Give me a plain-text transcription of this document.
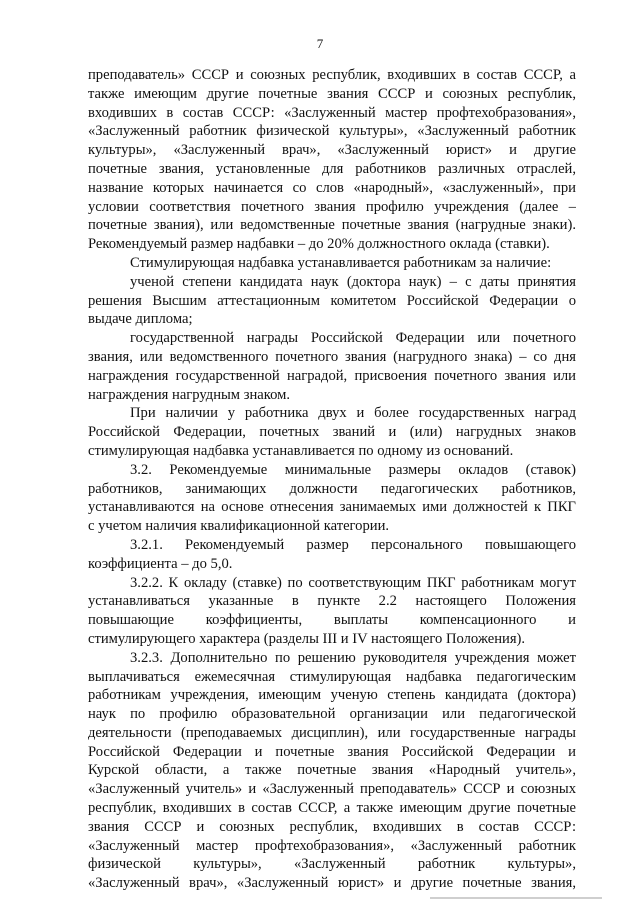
7
преподаватель» СССР и союзных республик, входивших в состав СССР, а
также имеющим другие почетные звания СССР и союзных республик,
входивших в состав СССР: «Заслуженный мастер профтехобразования»,
«Заслуженный работник физической культуры», «Заслуженный работник
культуры», «Заслуженный врач», «Заслуженный юрист» и другие
почетные звания, установленные для работников различных отраслей,
название которых начинается со слов «народный», «заслуженный», при
условии соответствия почетного звания профилю учреждения (далее –
почетные звания), или ведомственные почетные звания (нагрудные знаки).
Рекомендуемый размер надбавки – до 20% должностного оклада (ставки).
Стимулирующая надбавка устанавливается работникам за наличие:
ученой степени кандидата наук (доктора наук) – с даты принятия
решения Высшим аттестационным комитетом Российской Федерации о
выдаче диплома;
государственной награды Российской Федерации или почетного
звания, или ведомственного почетного звания (нагрудного знака) – со дня
награждения государственной наградой, присвоения почетного звания или
награждения нагрудным знаком.
При наличии у работника двух и более государственных наград
Российской Федерации, почетных званий и (или) нагрудных знаков
стимулирующая надбавка устанавливается по одному из оснований.
3.2. Рекомендуемые минимальные размеры окладов (ставок)
работников, занимающих должности педагогических работников,
устанавливаются на основе отнесения занимаемых ими должностей к ПКГ
с учетом наличия квалификационной категории.
3.2.1. Рекомендуемый размер персонального повышающего
коэффициента – до 5,0.
3.2.2. К окладу (ставке) по соответствующим ПКГ работникам могут
устанавливаться указанные в пункте 2.2 настоящего Положения
повышающие коэффициенты, выплаты компенсационного и
стимулирующего характера (разделы III и IV настоящего Положения).
3.2.3. Дополнительно по решению руководителя учреждения может
выплачиваться ежемесячная стимулирующая надбавка педагогическим
работникам учреждения, имеющим ученую степень кандидата (доктора)
наук по профилю образовательной организации или педагогической
деятельности (преподаваемых дисциплин), или государственные награды
Российской Федерации и почетные звания Российской Федерации и
Курской области, а также почетные звания «Народный учитель»,
«Заслуженный учитель» и «Заслуженный преподаватель» СССР и союзных
республик, входивших в состав СССР, а также имеющим другие почетные
звания СССР и союзных республик, входивших в состав СССР:
«Заслуженный мастер профтехобразования», «Заслуженный работник
физической культуры», «Заслуженный работник культуры»,
«Заслуженный врач», «Заслуженный юрист» и другие почетные звания,
